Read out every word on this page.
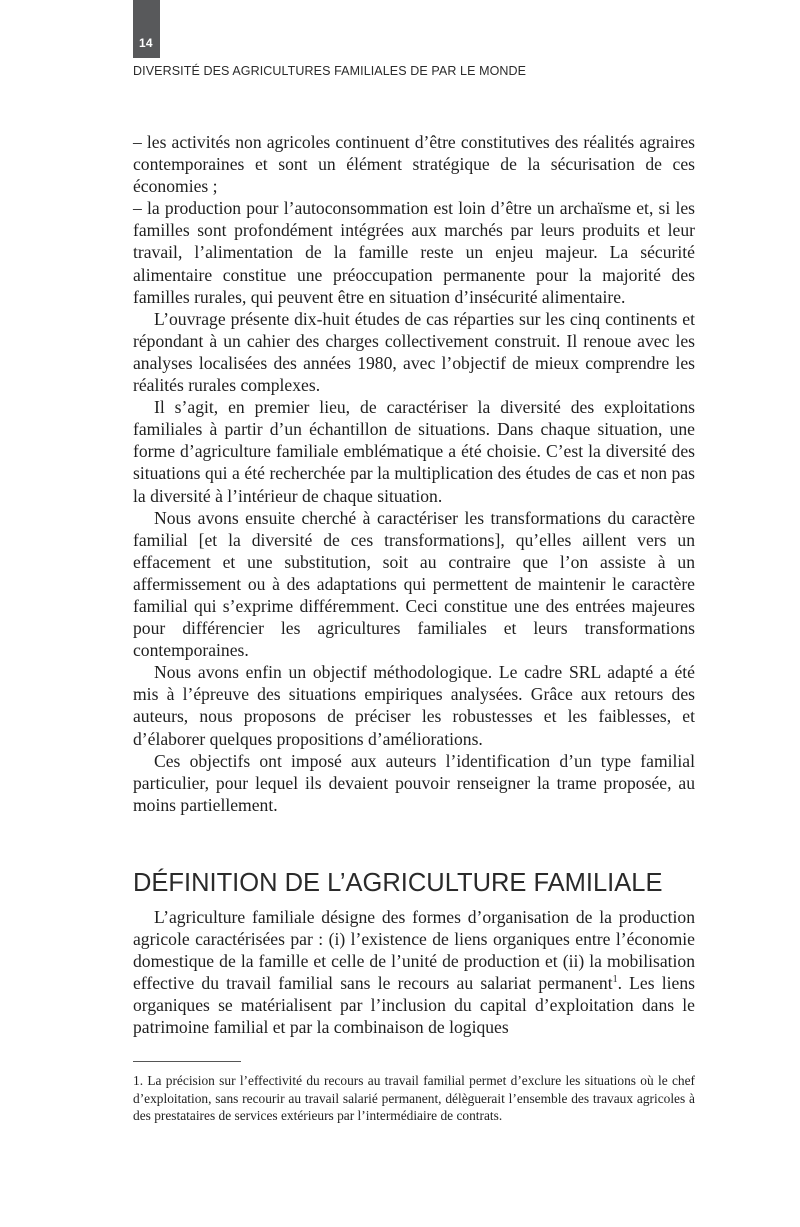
14
DIVERSITÉ DES AGRICULTURES FAMILIALES DE PAR LE MONDE

– les activités non agricoles continuent d’être constitutives des réalités agraires contemporaines et sont un élément stratégique de la sécurisation de ces économies ;

– la production pour l’autoconsommation est loin d’être un archaïsme et, si les familles sont profondément intégrées aux marchés par leurs produits et leur travail, l’alimentation de la famille reste un enjeu majeur. La sécurité alimentaire constitue une préoccupation permanente pour la majorité des familles rurales, qui peuvent être en situation d’insécurité alimentaire.

L’ouvrage présente dix-huit études de cas réparties sur les cinq continents et répondant à un cahier des charges collectivement construit. Il renoue avec les analyses localisées des années 1980, avec l’objectif de mieux comprendre les réalités rurales complexes.

Il s’agit, en premier lieu, de caractériser la diversité des exploitations familiales à partir d’un échantillon de situations. Dans chaque situation, une forme d’agriculture familiale emblématique a été choisie. C’est la diversité des situations qui a été recherchée par la multiplication des études de cas et non pas la diversité à l’intérieur de chaque situation.

Nous avons ensuite cherché à caractériser les transformations du caractère familial [et la diversité de ces transformations], qu’elles aillent vers un effacement et une substitution, soit au contraire que l’on assiste à un affermissement ou à des adaptations qui permettent de maintenir le caractère familial qui s’exprime différemment. Ceci constitue une des entrées majeures pour différencier les agricultures familiales et leurs transformations contemporaines.

Nous avons enfin un objectif méthodologique. Le cadre SRL adapté a été mis à l’épreuve des situations empiriques analysées. Grâce aux retours des auteurs, nous proposons de préciser les robustesses et les faiblesses, et d’élaborer quelques propositions d’améliorations.

Ces objectifs ont imposé aux auteurs l’identification d’un type familial particulier, pour lequel ils devaient pouvoir renseigner la trame proposée, au moins partiellement.

DÉFINITION DE L’AGRICULTURE FAMILIALE

L’agriculture familiale désigne des formes d’organisation de la production agricole caractérisées par : (i) l’existence de liens organiques entre l’économie domestique de la famille et celle de l’unité de production et (ii) la mobilisation effective du travail familial sans le recours au salariat permanent$^1$. Les liens organiques se matérialisent par l’inclusion du capital d’exploitation dans le patrimoine familial et par la combinaison de logiques

1. La précision sur l’effectivité du recours au travail familial permet d’exclure les situations où le chef d’exploitation, sans recourir au travail salarié permanent, délèguerait l’ensemble des travaux agricoles à des prestataires de services extérieurs par l’intermédiaire de contrats.
